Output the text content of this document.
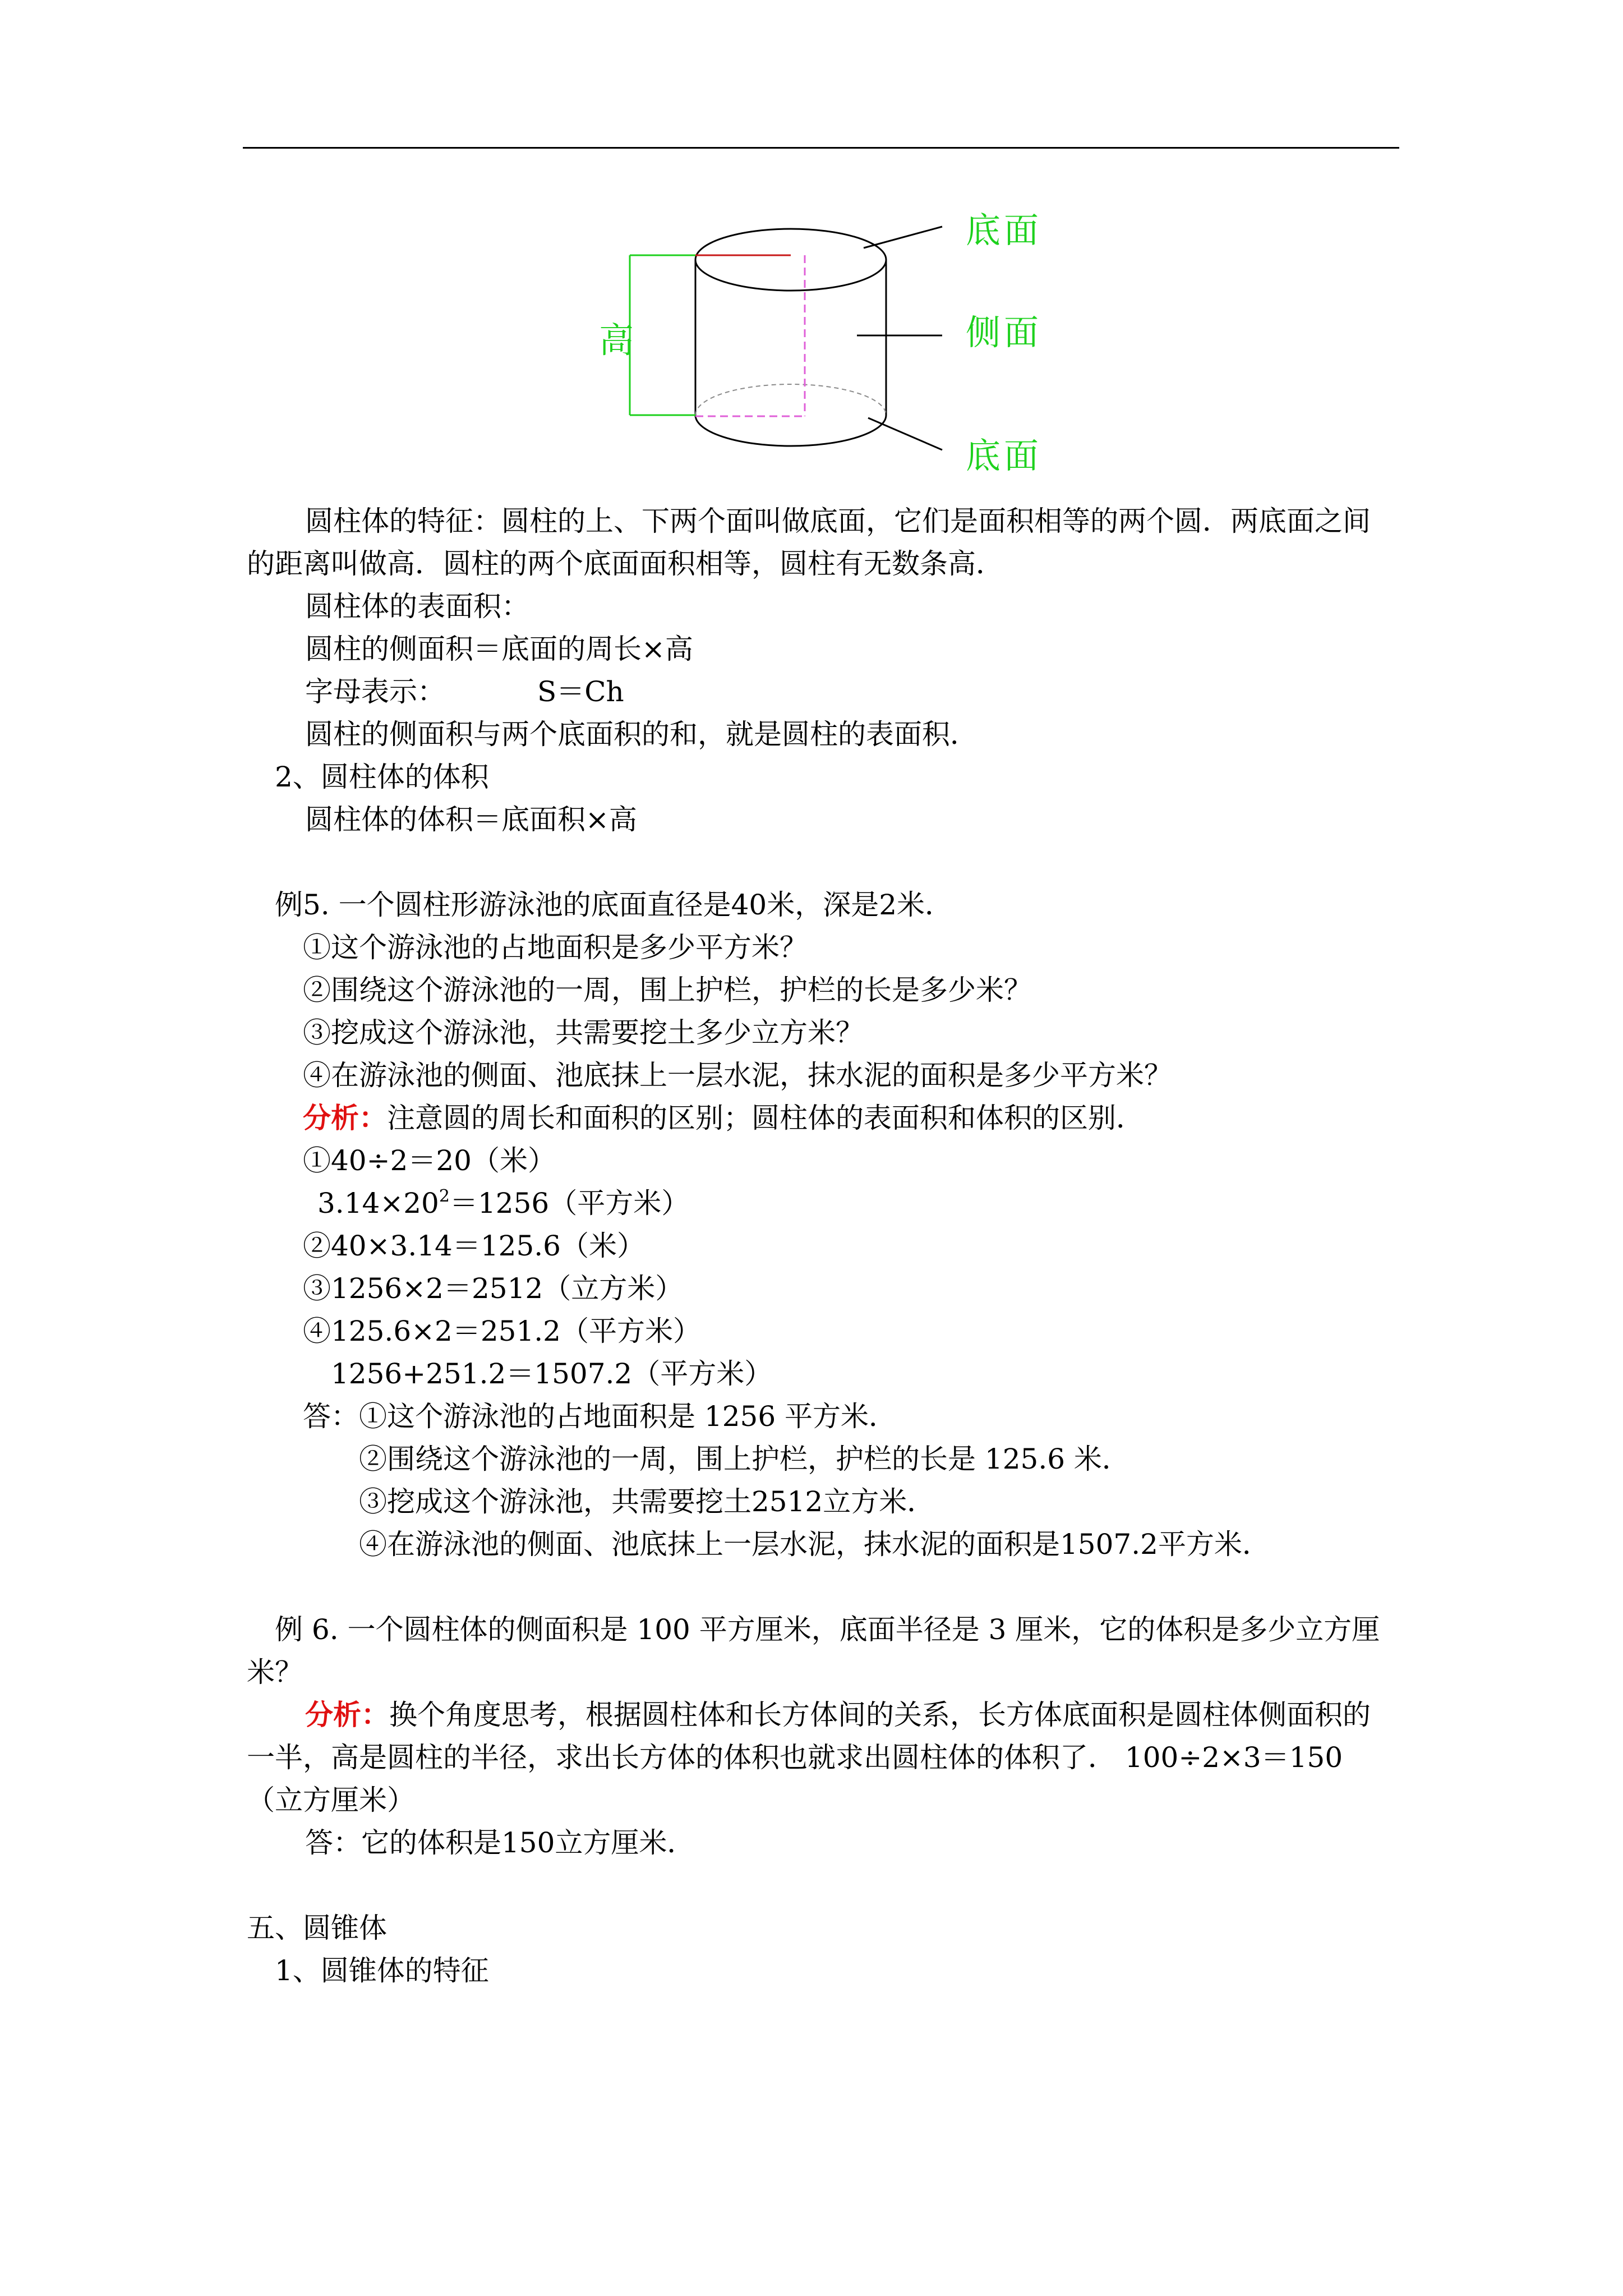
底面
侧面
底面
高
圆柱体的特征：圆柱的上、下两个面叫做底面，它们是面积相等的两个圆．两底面之间
的距离叫做高．圆柱的两个底面面积相等，圆柱有无数条高．
圆柱体的表面积：
圆柱的侧面积＝底面的周长×高
字母表示：	S＝Ch
圆柱的侧面积与两个底面积的和，就是圆柱的表面积．
2、圆柱体的体积
圆柱体的体积＝底面积×高
例5. 一个圆柱形游泳池的底面直径是40米，深是2米．
①这个游泳池的占地面积是多少平方米？
②围绕这个游泳池的一周，围上护栏，护栏的长是多少米？
③挖成这个游泳池，共需要挖土多少立方米？
④在游泳池的侧面、池底抹上一层水泥，抹水泥的面积是多少平方米？
分析：注意圆的周长和面积的区别；圆柱体的表面积和体积的区别．
①40÷2＝20（米）
$3.14\times 20^2=1256$（平方米）
②40×3.14＝125.6（米）
③1256×2＝2512（立方米）
④125.6×2＝251.2（平方米）
1256+251.2＝1507.2（平方米）
答：①这个游泳池的占地面积是 1256 平方米．
②围绕这个游泳池的一周，围上护栏，护栏的长是 125.6 米．
③挖成这个游泳池，共需要挖土2512立方米．
④在游泳池的侧面、池底抹上一层水泥，抹水泥的面积是1507.2平方米．
例 6. 一个圆柱体的侧面积是 100 平方厘米，底面半径是 3 厘米，它的体积是多少立方厘
米？
分析：换个角度思考，根据圆柱体和长方体间的关系，长方体底面积是圆柱体侧面积的
一半，高是圆柱的半径，求出长方体的体积也就求出圆柱体的体积了． 100÷2×3＝150
（立方厘米）
答：它的体积是150立方厘米．
五、圆锥体
1、圆锥体的特征
